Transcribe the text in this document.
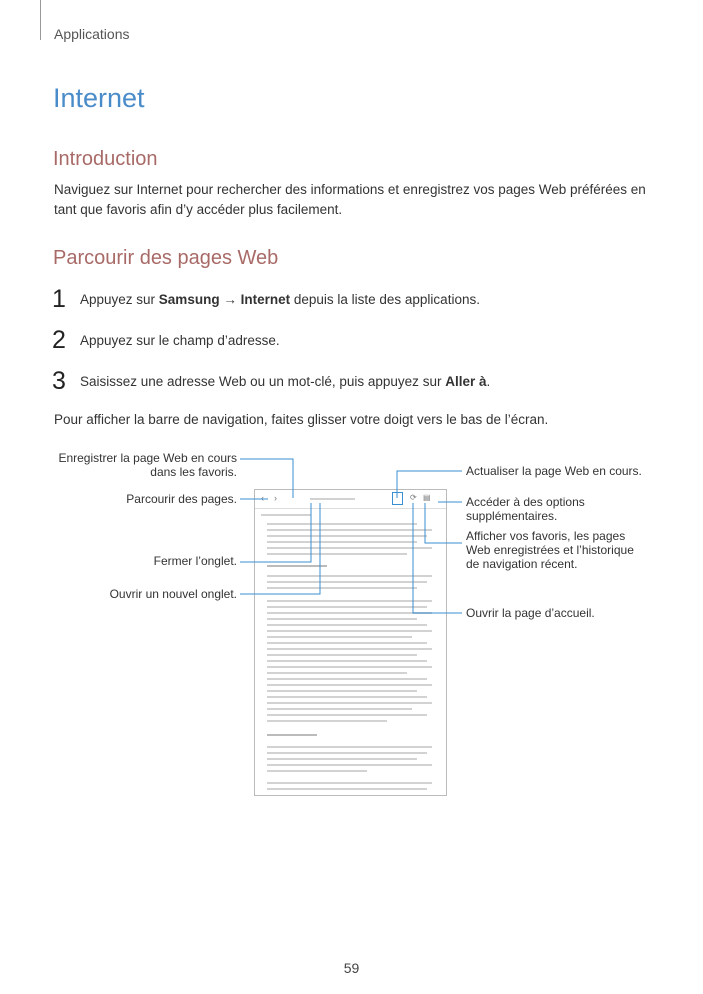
Applications
Internet
Introduction
Naviguez sur Internet pour rechercher des informations et enregistrez vos pages Web préférées en tant que favoris afin d’y accéder plus facilement.
Parcourir des pages Web
1 Appuyez sur Samsung → Internet depuis la liste des applications.
2 Appuyez sur le champ d’adresse.
3 Saisissez une adresse Web ou un mot-clé, puis appuyez sur Aller à.
Pour afficher la barre de navigation, faites glisser votre doigt vers le bas de l’écran.
Enregistrer la page Web en cours dans les favoris.
Parcourir des pages.
Fermer l’onglet.
Ouvrir un nouvel onglet.
Actualiser la page Web en cours.
Accéder à des options supplémentaires.
Afficher vos favoris, les pages Web enregistrées et l’historique de navigation récent.
Ouvrir la page d’accueil.
‹ ›	⟳ ▤
59
